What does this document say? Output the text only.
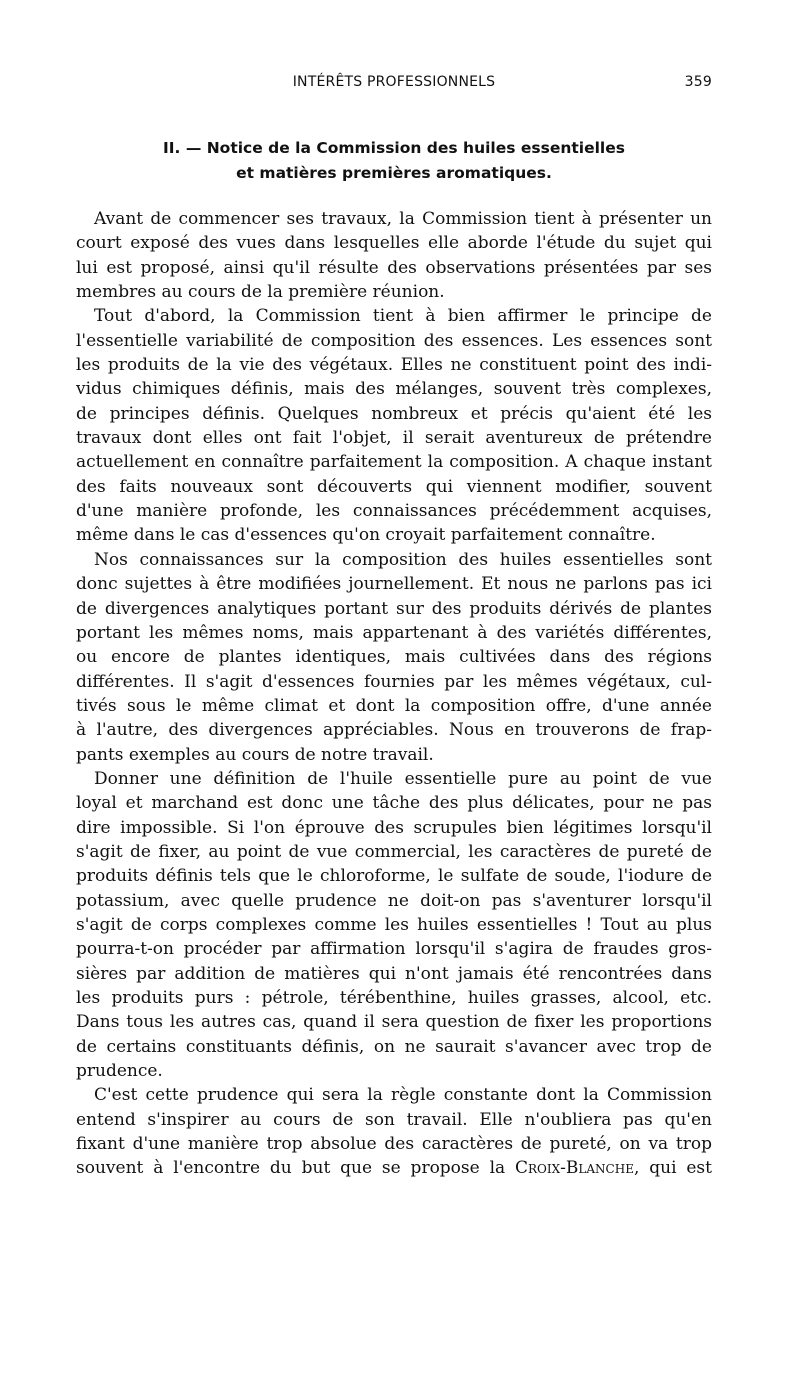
INTÉRÊTS PROFESSIONNELS	359
II. — Notice de la Commission des huiles essentielles
et matières premières aromatiques.
Avant de commencer ses travaux, la Commission tient à présenter un
court exposé des vues dans lesquelles elle aborde l'étude du sujet qui
lui est proposé, ainsi qu'il résulte des observations présentées par ses
membres au cours de la première réunion.
Tout d'abord, la Commission tient à bien affirmer le principe de
l'essentielle variabilité de composition des essences. Les essences sont
les produits de la vie des végétaux. Elles ne constituent point des indi-
vidus chimiques définis, mais des mélanges, souvent très complexes,
de principes définis. Quelques nombreux et précis qu'aient été les
travaux dont elles ont fait l'objet, il serait aventureux de prétendre
actuellement en connaître parfaitement la composition. A chaque instant
des faits nouveaux sont découverts qui viennent modifier, souvent
d'une manière profonde, les connaissances précédemment acquises,
même dans le cas d'essences qu'on croyait parfaitement connaître.
Nos connaissances sur la composition des huiles essentielles sont
donc sujettes à être modifiées journellement. Et nous ne parlons pas ici
de divergences analytiques portant sur des produits dérivés de plantes
portant les mêmes noms, mais appartenant à des variétés différentes,
ou encore de plantes identiques, mais cultivées dans des régions
différentes. Il s'agit d'essences fournies par les mêmes végétaux, cul-
tivés sous le même climat et dont la composition offre, d'une année
à l'autre, des divergences appréciables. Nous en trouverons de frap-
pants exemples au cours de notre travail.
Donner une définition de l'huile essentielle pure au point de vue
loyal et marchand est donc une tâche des plus délicates, pour ne pas
dire impossible. Si l'on éprouve des scrupules bien légitimes lorsqu'il
s'agit de fixer, au point de vue commercial, les caractères de pureté de
produits définis tels que le chloroforme, le sulfate de soude, l'iodure de
potassium, avec quelle prudence ne doit-on pas s'aventurer lorsqu'il
s'agit de corps complexes comme les huiles essentielles ! Tout au plus
pourra-t-on procéder par affirmation lorsqu'il s'agira de fraudes gros-
sières par addition de matières qui n'ont jamais été rencontrées dans
les produits purs : pétrole, térébenthine, huiles grasses, alcool, etc.
Dans tous les autres cas, quand il sera question de fixer les proportions
de certains constituants définis, on ne saurait s'avancer avec trop de
prudence.
C'est cette prudence qui sera la règle constante dont la Commission
entend s'inspirer au cours de son travail. Elle n'oubliera pas qu'en
fixant d'une manière trop absolue des caractères de pureté, on va trop
souvent à l'encontre du but que se propose la Croix-Blanche, qui est
